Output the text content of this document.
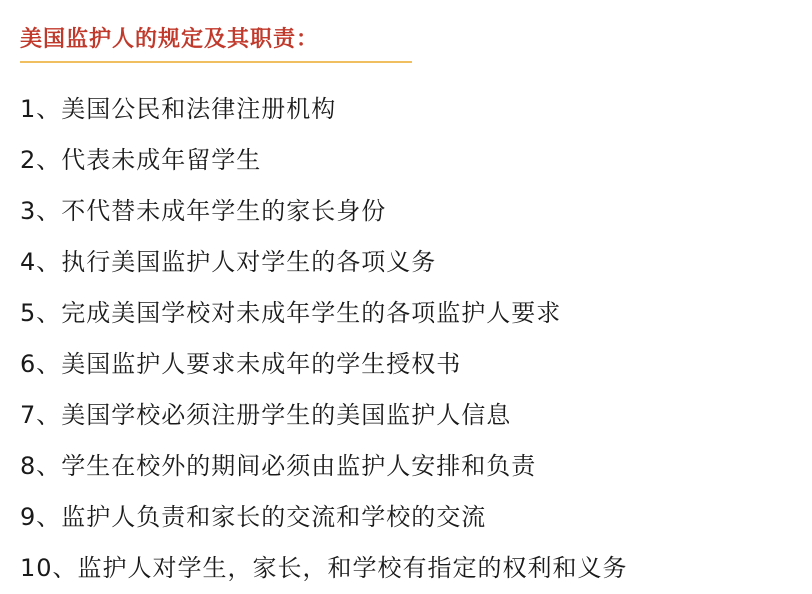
美国监护人的规定及其职责：
1、美国公民和法律注册机构
2、代表未成年留学生
3、不代替未成年学生的家长身份
4、执行美国监护人对学生的各项义务
5、完成美国学校对未成年学生的各项监护人要求
6、美国监护人要求未成年的学生授权书
7、美国学校必须注册学生的美国监护人信息
8、学生在校外的期间必须由监护人安排和负责
9、监护人负责和家长的交流和学校的交流
10、监护人对学生，家长，和学校有指定的权利和义务
